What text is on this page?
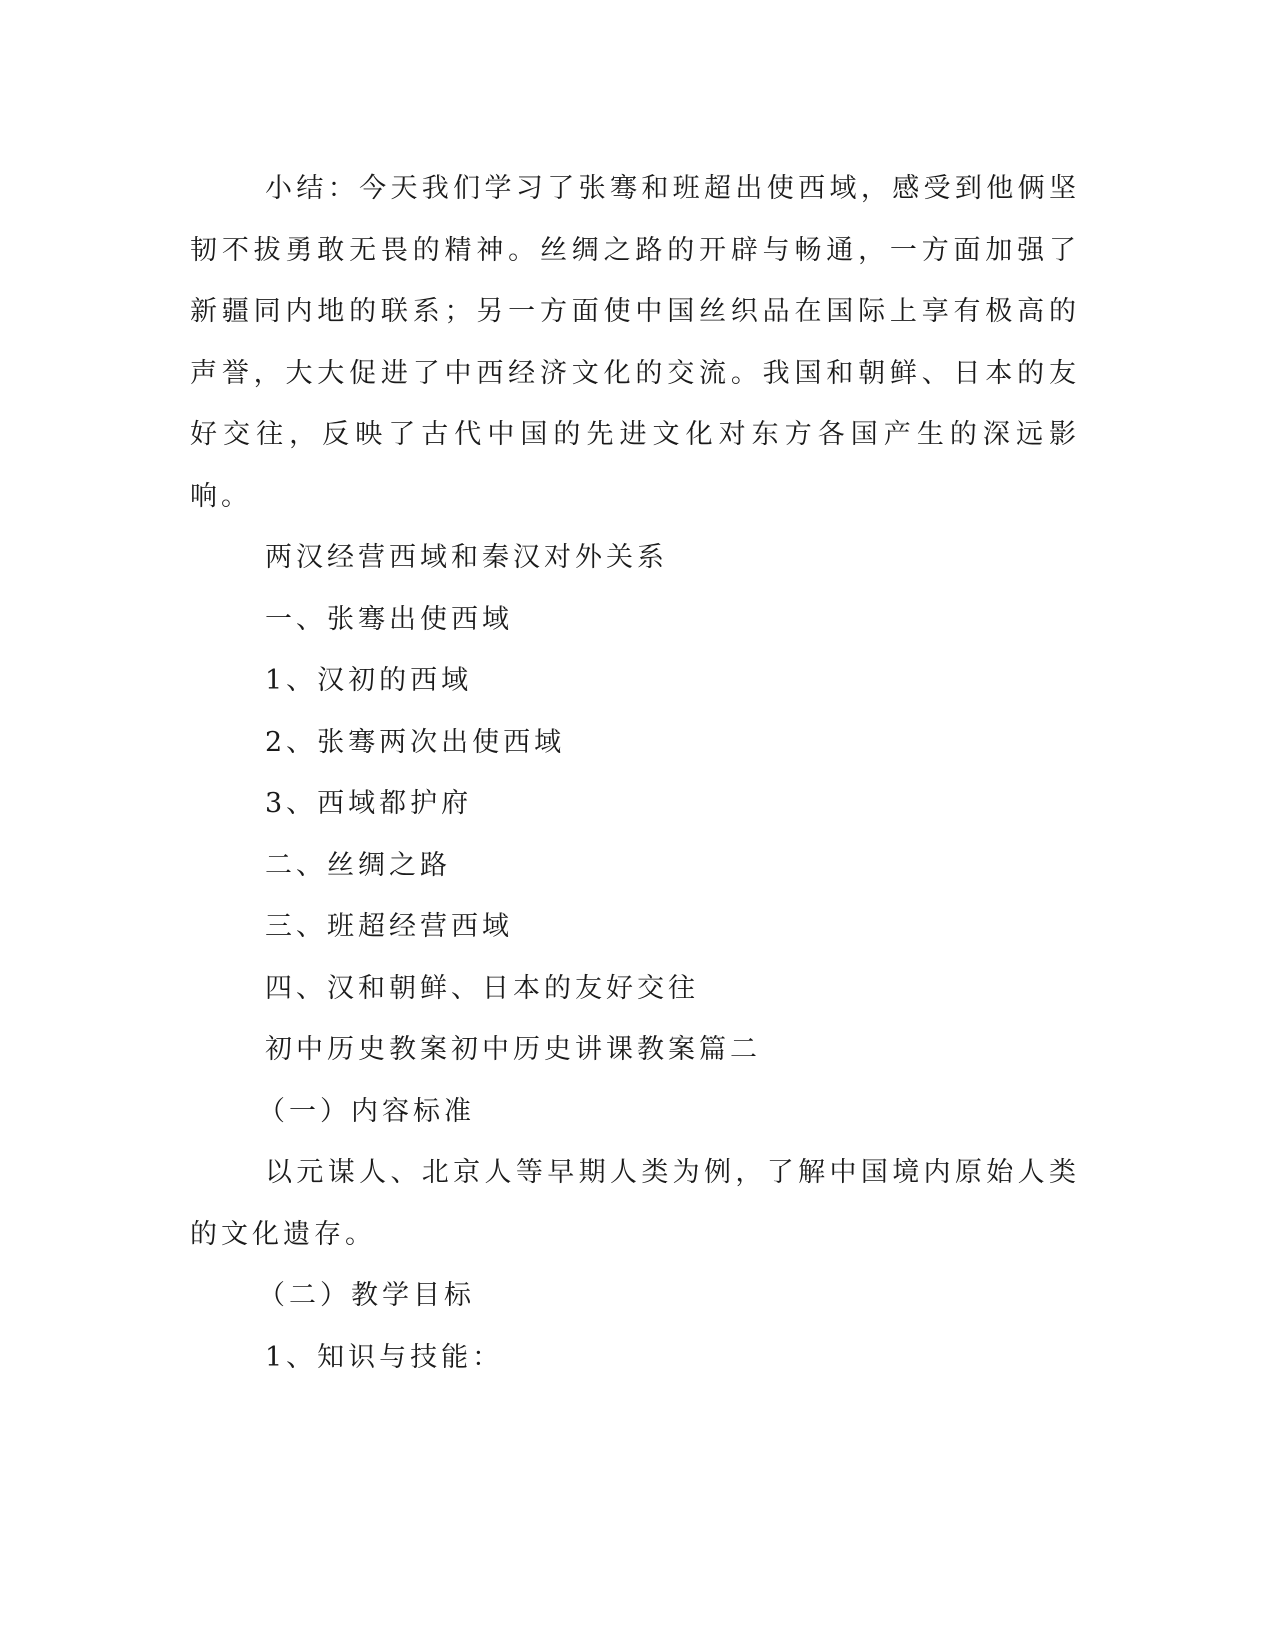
小结：今天我们学习了张骞和班超出使西域，感受到他俩坚韧不拔勇敢无畏的精神。丝绸之路的开辟与畅通，一方面加强了新疆同内地的联系；另一方面使中国丝织品在国际上享有极高的声誉，大大促进了中西经济文化的交流。我国和朝鲜、日本的友好交往，反映了古代中国的先进文化对东方各国产生的深远影响。

两汉经营西域和秦汉对外关系

一、张骞出使西域

1、汉初的西域

2、张骞两次出使西域

3、西域都护府

二、丝绸之路

三、班超经营西域

四、汉和朝鲜、日本的友好交往

初中历史教案初中历史讲课教案篇二

（一）内容标准

以元谋人、北京人等早期人类为例，了解中国境内原始人类的文化遗存。

（二）教学目标

1、知识与技能：
